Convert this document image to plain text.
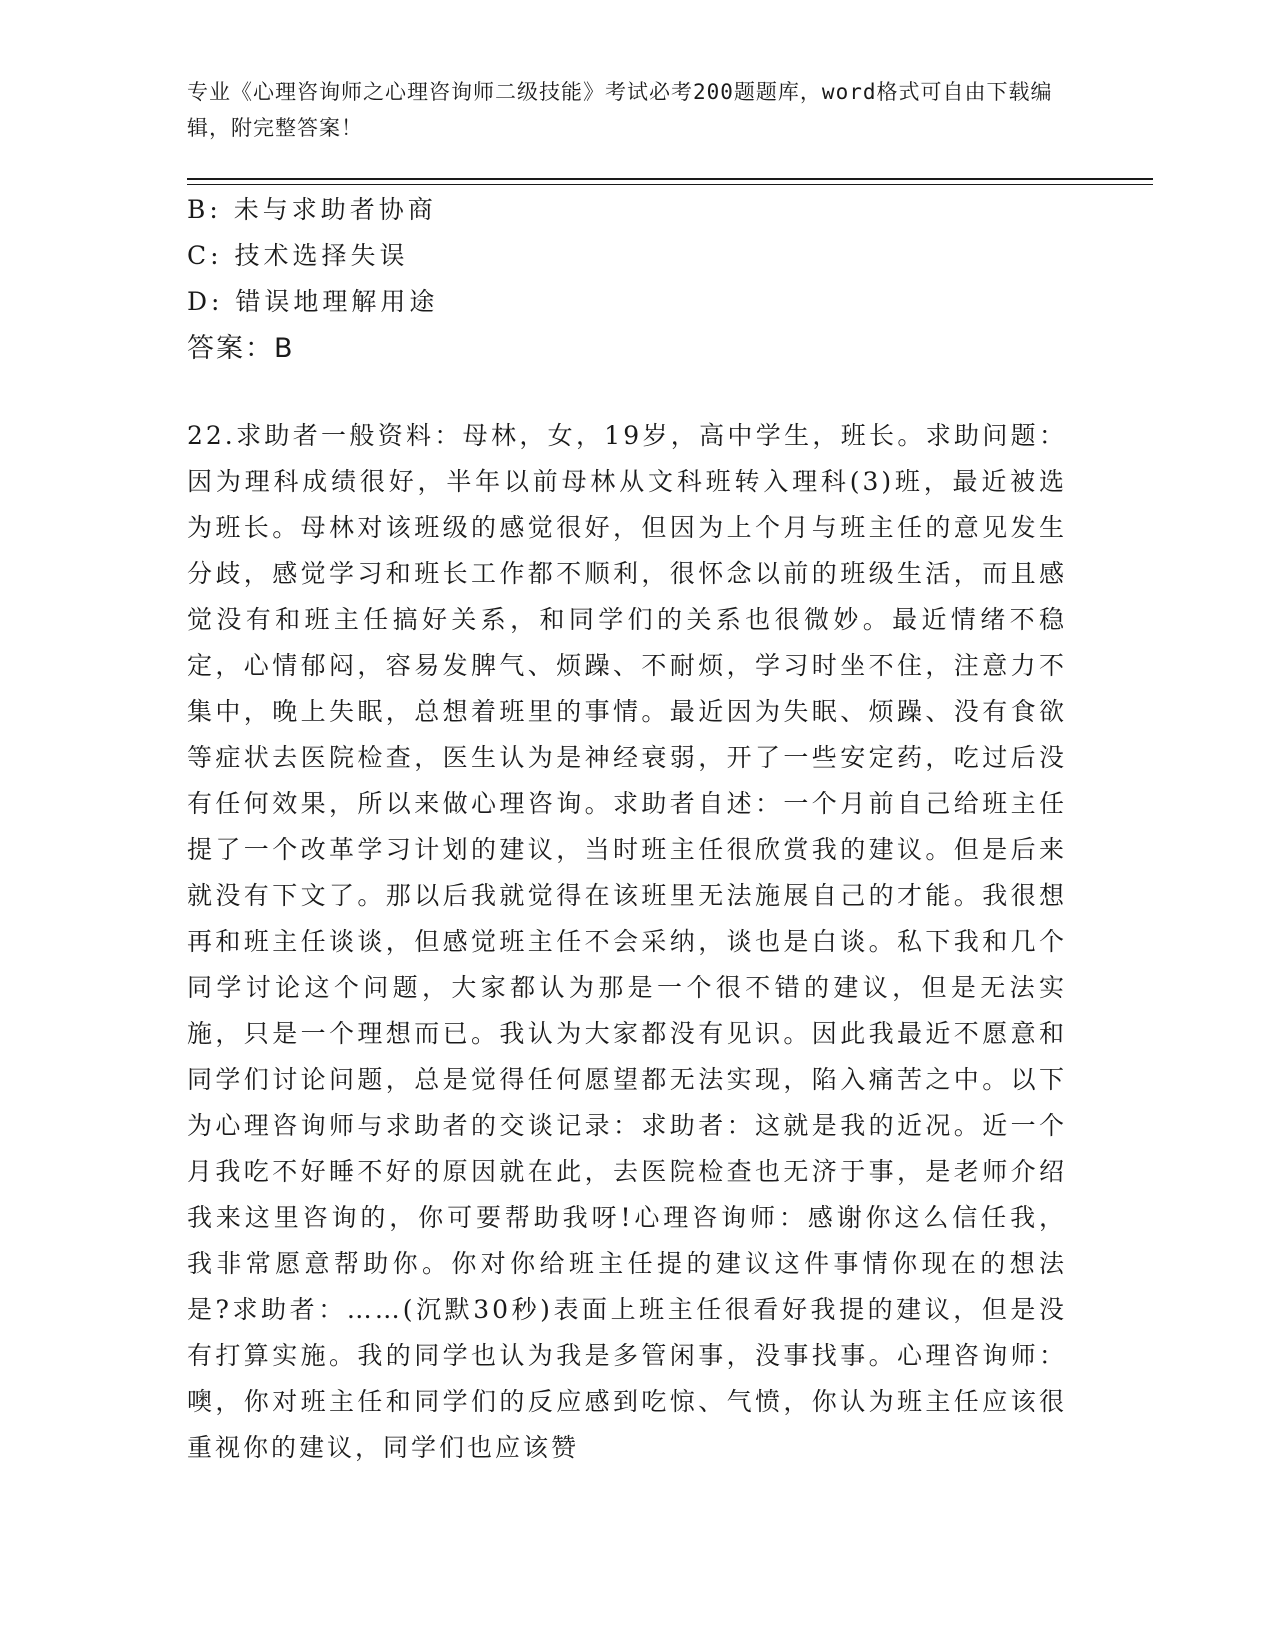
专业《心理咨询师之心理咨询师二级技能》考试必考200题题库，word格式可自由下载编辑，附完整答案！
B: 未与求助者协商
C: 技术选择失误
D: 错误地理解用途
答案：B
22.求助者一般资料：母林，女，19岁，高中学生，班长。求助问题：因为理科成绩很好，半年以前母林从文科班转入理科(3)班，最近被选为班长。母林对该班级的感觉很好，但因为上个月与班主任的意见发生分歧，感觉学习和班长工作都不顺利，很怀念以前的班级生活，而且感觉没有和班主任搞好关系，和同学们的关系也很微妙。最近情绪不稳定，心情郁闷，容易发脾气、烦躁、不耐烦，学习时坐不住，注意力不集中，晚上失眠，总想着班里的事情。最近因为失眠、烦躁、没有食欲等症状去医院检查，医生认为是神经衰弱，开了一些安定药，吃过后没有任何效果，所以来做心理咨询。求助者自述：一个月前自己给班主任提了一个改革学习计划的建议，当时班主任很欣赏我的建议。但是后来就没有下文了。那以后我就觉得在该班里无法施展自己的才能。我很想再和班主任谈谈，但感觉班主任不会采纳，谈也是白谈。私下我和几个同学讨论这个问题，大家都认为那是一个很不错的建议，但是无法实施，只是一个理想而已。我认为大家都没有见识。因此我最近不愿意和同学们讨论问题，总是觉得任何愿望都无法实现，陷入痛苦之中。以下为心理咨询师与求助者的交谈记录：求助者：这就是我的近况。近一个月我吃不好睡不好的原因就在此，去医院检查也无济于事，是老师介绍我来这里咨询的，你可要帮助我呀!心理咨询师：感谢你这么信任我，我非常愿意帮助你。你对你给班主任提的建议这件事情你现在的想法是?求助者：……(沉默30秒)表面上班主任很看好我提的建议，但是没有打算实施。我的同学也认为我是多管闲事，没事找事。心理咨询师：噢，你对班主任和同学们的反应感到吃惊、气愤，你认为班主任应该很重视你的建议，同学们也应该赞
